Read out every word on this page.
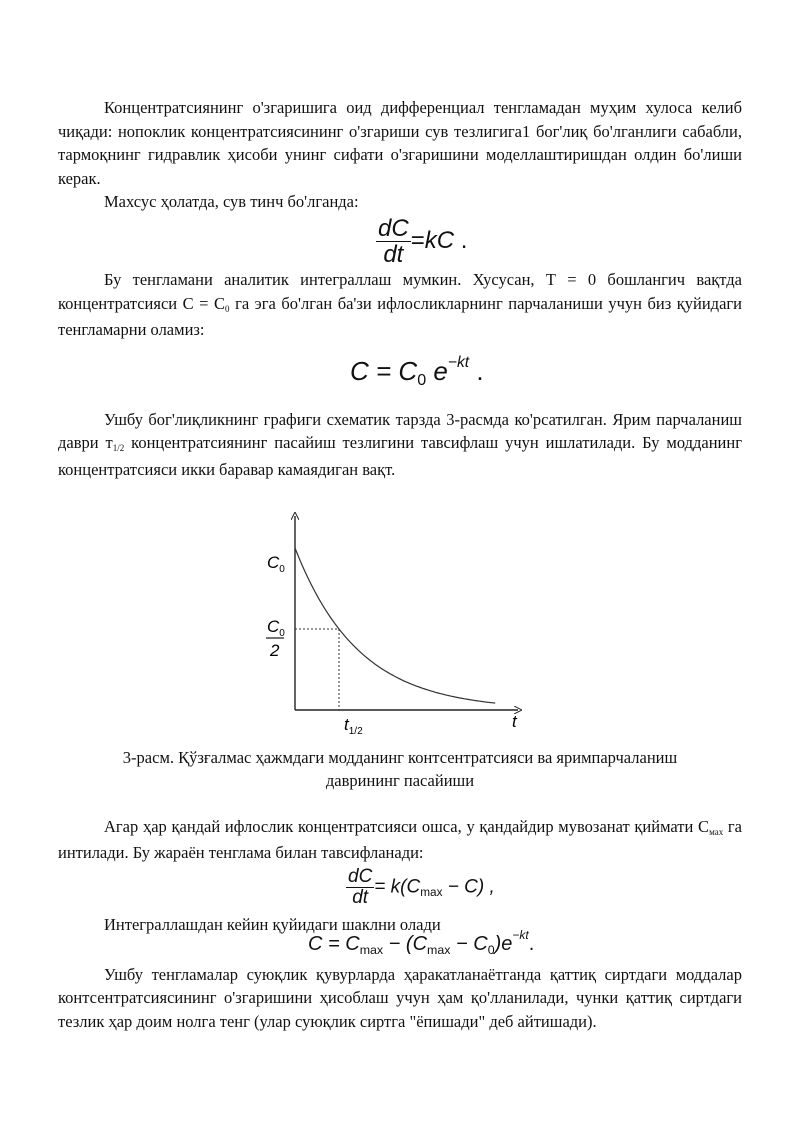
Концентратсиянинг о'згаришига оид дифференциал тенгламадан муҳим хулоса келиб чиқади: нопоклик концентратсиясининг о'згариши сув тезлигига1 бог'лиқ бо'лганлиги сабабли, тармоқнинг гидравлик ҳисоби унинг сифати о'згаришини моделлаштиришдан олдин бо'лиши керак.

Махсус ҳолатда, сув тинч бо'лганда:

$\frac{dC}{dt} =kC$ .

Бу тенгламани аналитик интеграллаш мумкин. Хусусан, Т = 0 бошлангич вақтда концентратсияси С = С0 га эга бо'лган ба'зи ифлосликларнинг парчаланиши учун биз қуйидаги тенгламарни оламиз:

$C = C_0$ $e^{-kt}$ .

Ушбу бог'лиқликнинг графиги схематик тарзда 3-расмда ко'рсатилган. Ярим парчаланиш даври т1/2 концентратсиянинг пасайиш тезлигини тавсифлаш учун ишлатилади. Бу модданинг концентратсияси икки баравар камаядиган вақт.

$C_0$
$C_0$
2
$t_{1/2}$
t

3-расм. Қўзғалмас ҳажмдаги модданинг контсентратсияси ва яримпарчаланиш

даврининг пасайиши

Агар ҳар қандай ифлослик концентратсияси ошса, у қандайдир мувозанат қиймати Смах га интилади. Бу жараён тенглама билан тавсифланади:

$\frac{dC}{dt} = k(C_{max} - C)$ ,

Интеграллашдан кейин қуйидаги шаклни олади

$C = C_{max} - (C_{max} - C_0)e^{-kt}$.

Ушбу тенгламалар суюқлик қувурларда ҳаракатланаётганда қаттиқ сиртдаги моддалар контсентратсиясининг о'згаришини ҳисоблаш учун ҳам қо'лланилади, чунки қаттиқ сиртдаги тезлик ҳар доим нолга тенг (улар суюқлик сиртга "ёпишади" деб айтишади).
